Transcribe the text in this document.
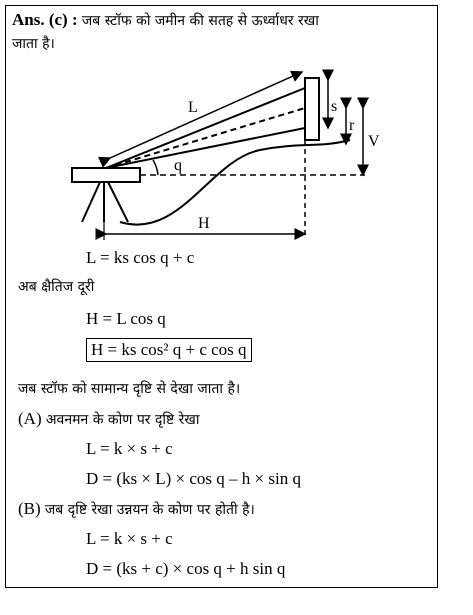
Ans. (c) : जब स्टॉफ को जमीन की सतह से ऊर्ध्वाधर रखा
जाता है।
L	s
r
V
q
H
L = ks cos q + c
अब क्षैतिज दूरी
H = L cos q
H = ks cos² q + c cos q
जब स्टॉफ को सामान्य दृष्टि से देखा जाता है।
(A) अवनमन के कोण पर दृष्टि रेखा
L = k × s + c
D = (ks × L) × cos q – h × sin q
(B) जब दृष्टि रेखा उन्नयन के कोण पर होती है।
L = k × s + c
D = (ks + c) × cos q + h sin q
